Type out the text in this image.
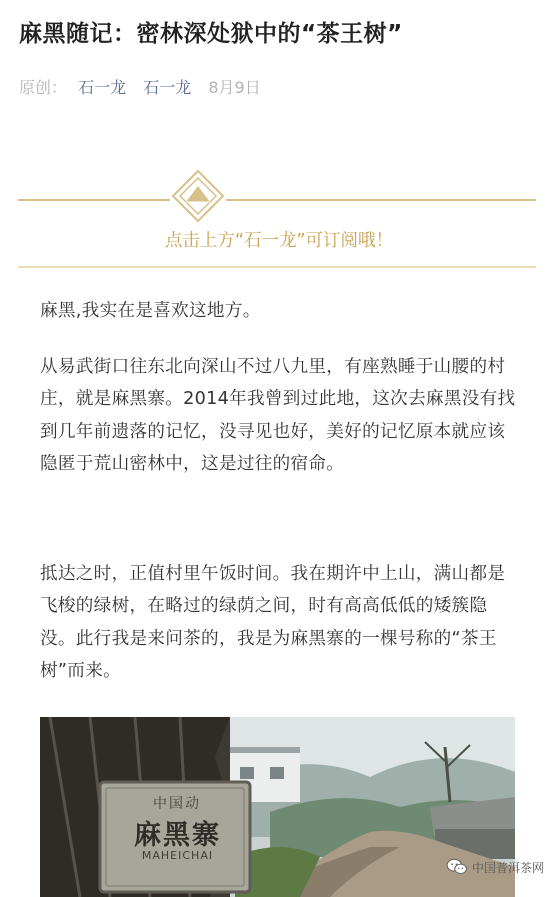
麻黑随记：密林深处狱中的“茶王树”
原创： 石一龙 石一龙 8月9日
点击上方“石一龙”可订阅哦！
麻黑,我实在是喜欢这地方。
从易武街口往东北向深山不过八九里，有座熟睡于山腰的村庄，就是麻黑寨。2014年我曾到过此地，这次去麻黑没有找到几年前遗落的记忆，没寻见也好，美好的记忆原本就应该隐匿于荒山密林中，这是过往的宿命。
抵达之时，正值村里午饭时间。我在期许中上山，满山都是飞梭的绿树，在略过的绿荫之间，时有高高低低的矮簇隐没。此行我是来问茶的，我是为麻黑寨的一棵号称的“茶王树”而来。
中国动
麻黑寨
MAHEICHAI
中国普洱茶网
